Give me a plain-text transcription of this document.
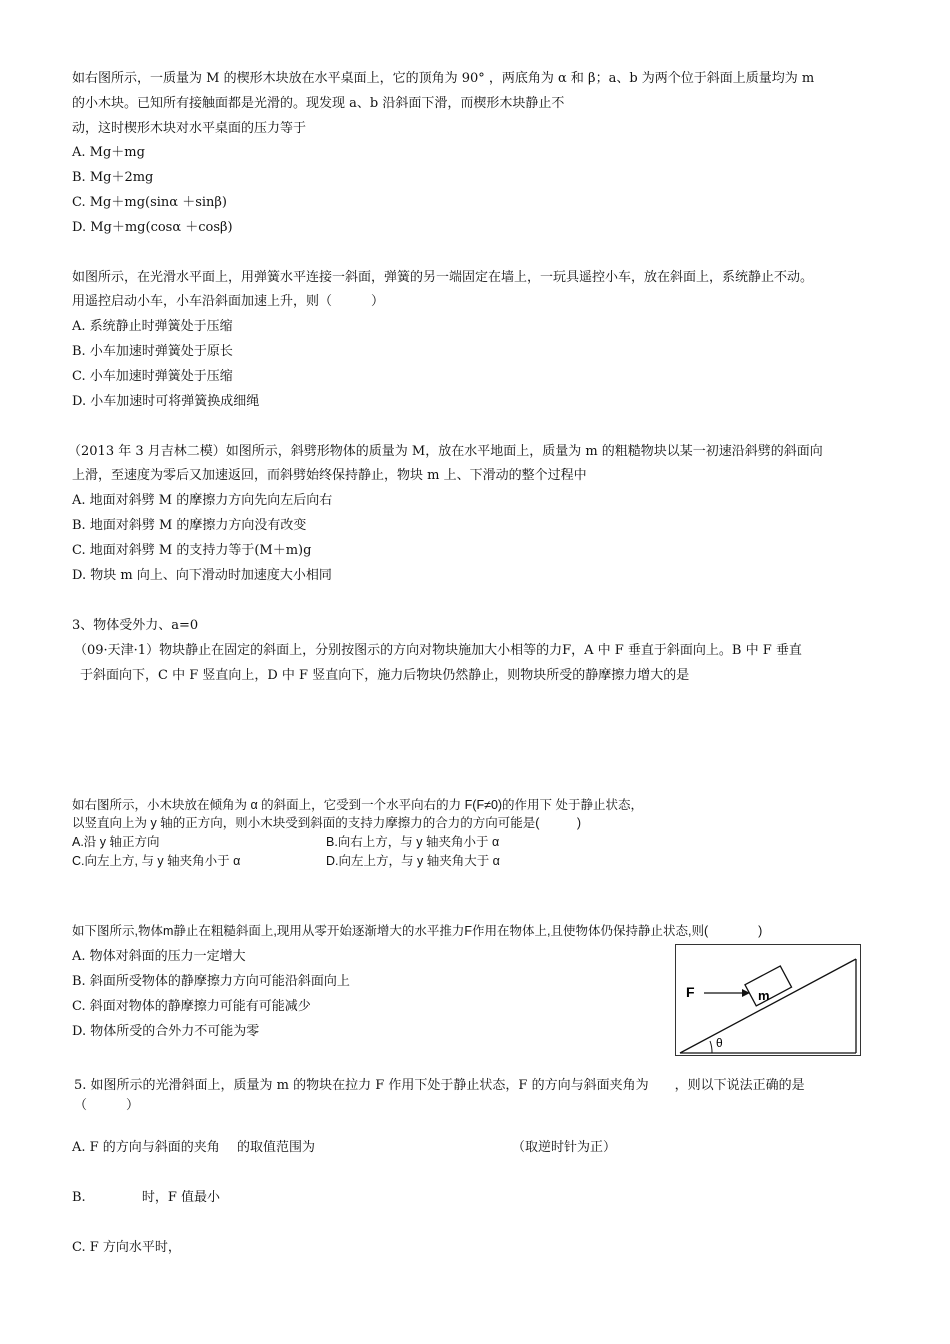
如右图所示，一质量为 M 的楔形木块放在水平桌面上，它的顶角为 90° ，两底角为 α 和 β；a、b 为两个位于斜面上质量均为 m
的小木块。已知所有接触面都是光滑的。现发现 a、b 沿斜面下滑，而楔形木块静止不
动，这时楔形木块对水平桌面的压力等于
A. Mg＋mg
B. Mg＋2mg
C. Mg＋mg(sinα ＋sinβ)
D. Mg＋mg(cosα ＋cosβ)
如图所示，在光滑水平面上，用弹簧水平连接一斜面，弹簧的另一端固定在墙上，一玩具遥控小车，放在斜面上，系统静止不动。
用遥控启动小车，小车沿斜面加速上升，则（　　　）
A. 系统静止时弹簧处于压缩
B. 小车加速时弹簧处于原长
C. 小车加速时弹簧处于压缩
D. 小车加速时可将弹簧换成细绳
（2013 年 3 月吉林二模）如图所示，斜劈形物体的质量为 M，放在水平地面上，质量为 m 的粗糙物块以某一初速沿斜劈的斜面向
上滑，至速度为零后又加速返回，而斜劈始终保持静止，物块 m 上、下滑动的整个过程中
A. 地面对斜劈 M 的摩擦力方向先向左后向右
B. 地面对斜劈 M 的摩擦力方向没有改变
C. 地面对斜劈 M 的支持力等于(M＋m)g
D. 物块 m 向上、向下滑动时加速度大小相同
3、物体受外力、a=0
（09·天津·1）物块静止在固定的斜面上，分别按图示的方向对物块施加大小相等的力F，A 中 F 垂直于斜面向上。B 中 F 垂直
于斜面向下，C 中 F 竖直向上，D 中 F 竖直向下，施力后物块仍然静止，则物块所受的静摩擦力增大的是
如右图所示，小木块放在倾角为 α 的斜面上，它受到一个水平向右的力 F(F≠0)的作用下 处于静止状态，
以竖直向上为 y 轴的正方向，则小木块受到斜面的支持力摩擦力的合力的方向可能是(　　　)
A.沿 y 轴正方向	B.向右上方，与 y 轴夹角小于 α
C.向左上方, 与 y 轴夹角小于 α	D.向左上方，与 y 轴夹角大于 α
如下图所示,物体m静止在粗糙斜面上,现用从零开始逐渐增大的水平推力F作用在物体上,且使物体仍保持静止状态,则(　　　　)
A. 物体对斜面的压力一定增大
B. 斜面所受物体的静摩擦力方向可能沿斜面向上
C. 斜面对物体的静摩擦力可能有可能减少
D. 物体所受的合外力不可能为零
F	m
θ
5. 如图所示的光滑斜面上，质量为 m 的物块在拉力 F 作用下处于静止状态，F 的方向与斜面夹角为　　，则以下说法正确的是
（　　　）
A. F 的方向与斜面的夹角　 的取值范围为	（取逆时针为正）
B.　　　　 时，F 值最小
C. F 方向水平时，
